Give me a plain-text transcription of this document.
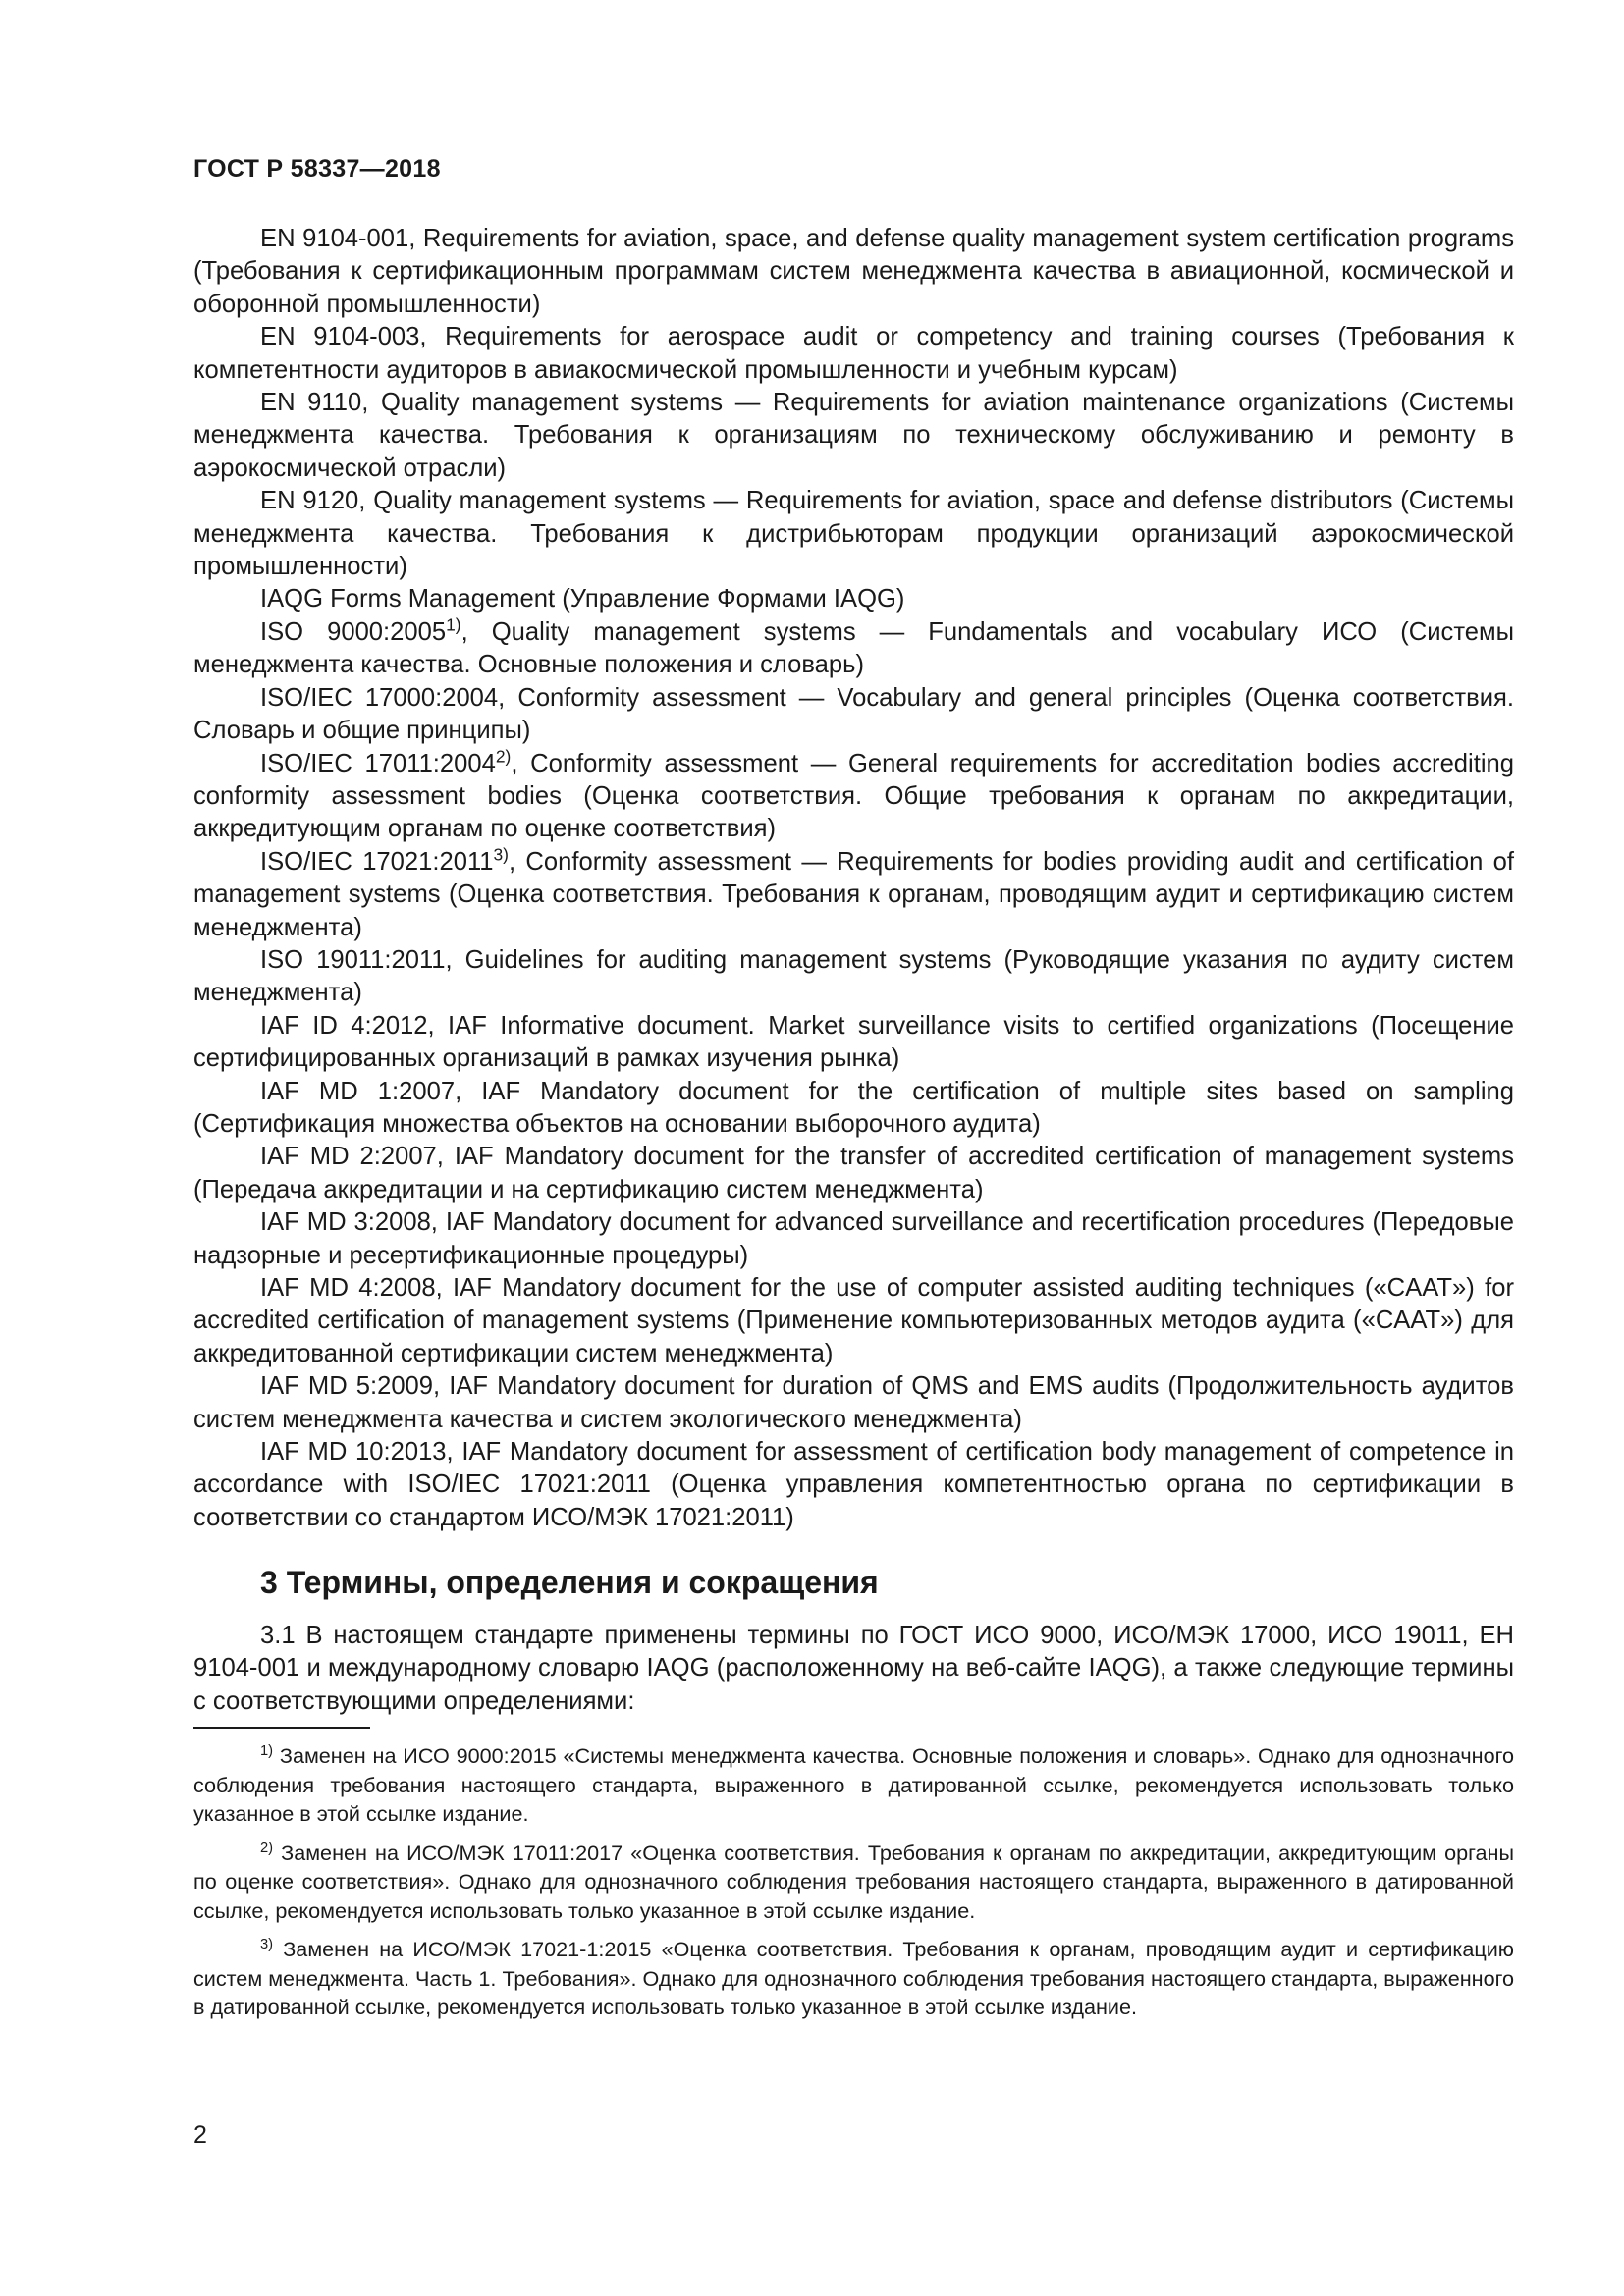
ГОСТ Р 58337—2018

EN 9104-001, Requirements for aviation, space, and defense quality management system certification programs (Требования к сертификационным программам систем менеджмента качества в авиационной, космической и оборонной промышленности)

EN 9104-003, Requirements for aerospace audit or competency and training courses (Требования к компетентности аудиторов в авиакосмической промышленности и учебным курсам)

EN 9110, Quality management systems — Requirements for aviation maintenance organizations (Системы менеджмента качества. Требования к организациям по техническому обслуживанию и ремонту в аэрокосмической отрасли)

EN 9120, Quality management systems — Requirements for aviation, space and defense distributors (Системы менеджмента качества. Требования к дистрибьюторам продукции организаций аэрокосмической промышленности)

IAQG Forms Management (Управление Формами IAQG)

ISO 9000:2005$^{1)}$, Quality management systems — Fundamentals and vocabulary ИСО (Системы менеджмента качества. Основные положения и словарь)

ISO/IEC 17000:2004, Conformity assessment — Vocabulary and general principles (Оценка соответствия. Словарь и общие принципы)

ISO/IEC 17011:2004$^{2)}$, Conformity assessment — General requirements for accreditation bodies accrediting conformity assessment bodies (Оценка соответствия. Общие требования к органам по аккредитации, аккредитующим органам по оценке соответствия)

ISO/IEC 17021:2011$^{3)}$, Conformity assessment — Requirements for bodies providing audit and certification of management systems (Оценка соответствия. Требования к органам, проводящим аудит и сертификацию систем менеджмента)

ISO 19011:2011, Guidelines for auditing management systems (Руководящие указания по аудиту систем менеджмента)

IAF ID 4:2012, IAF Informative document. Market surveillance visits to certified organizations (Посещение сертифицированных организаций в рамках изучения рынка)

IAF MD 1:2007, IAF Mandatory document for the certification of multiple sites based on sampling (Сертификация множества объектов на основании выборочного аудита)

IAF MD 2:2007, IAF Mandatory document for the transfer of accredited certification of management systems (Передача аккредитации и на сертификацию систем менеджмента)

IAF MD 3:2008, IAF Mandatory document for advanced surveillance and recertification procedures (Передовые надзорные и ресертификационные процедуры)

IAF MD 4:2008, IAF Mandatory document for the use of computer assisted auditing techniques («CAAT») for accredited certification of management systems (Применение компьютеризованных методов аудита («CAAT») для аккредитованной сертификации систем менеджмента)

IAF MD 5:2009, IAF Mandatory document for duration of QMS and EMS audits (Продолжительность аудитов систем менеджмента качества и систем экологического менеджмента)

IAF MD 10:2013, IAF Mandatory document for assessment of certification body management of competence in accordance with ISO/IEC 17021:2011 (Оценка управления компетентностью органа по сертификации в соответствии со стандартом ИСО/МЭК 17021:2011)

3 Термины, определения и сокращения

3.1 В настоящем стандарте применены термины по ГОСТ ИСО 9000, ИСО/МЭК 17000, ИСО 19011, ЕН 9104-001 и международному словарю IAQG (расположенному на веб-сайте IAQG), а также следующие термины с соответствующими определениями:

$^{1)}$ Заменен на ИСО 9000:2015 «Системы менеджмента качества. Основные положения и словарь». Однако для однозначного соблюдения требования настоящего стандарта, выраженного в датированной ссылке, рекомендуется использовать только указанное в этой ссылке издание.

$^{2)}$ Заменен на ИСО/МЭК 17011:2017 «Оценка соответствия. Требования к органам по аккредитации, аккредитующим органы по оценке соответствия». Однако для однозначного соблюдения требования настоящего стандарта, выраженного в датированной ссылке, рекомендуется использовать только указанное в этой ссылке издание.

$^{3)}$ Заменен на ИСО/МЭК 17021-1:2015 «Оценка соответствия. Требования к органам, проводящим аудит и сертификацию систем менеджмента. Часть 1. Требования». Однако для однозначного соблюдения требования настоящего стандарта, выраженного в датированной ссылке, рекомендуется использовать только указанное в этой ссылке издание.

2
